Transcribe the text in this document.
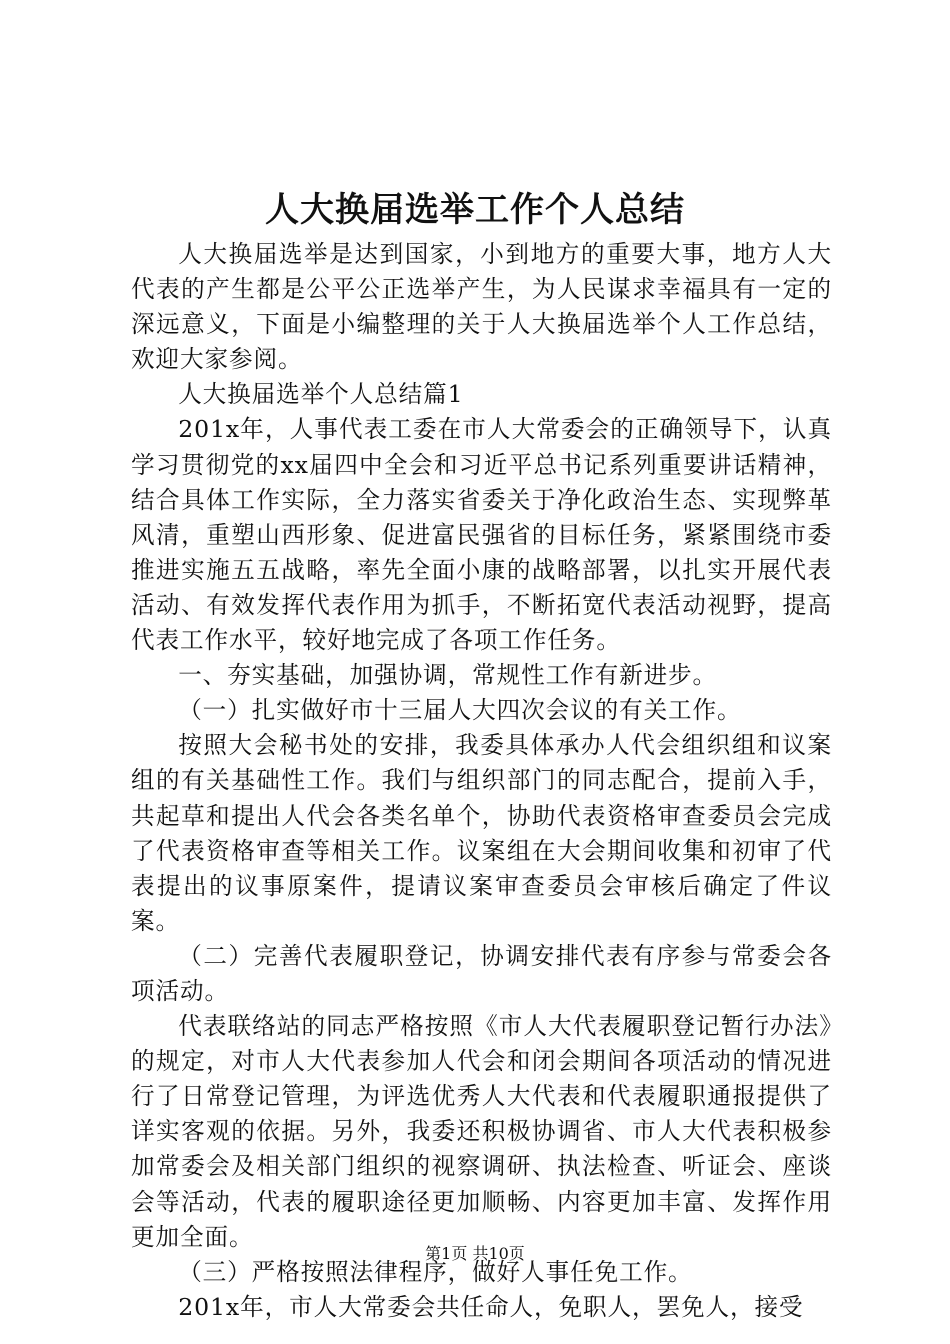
人大换届选举工作个人总结

人大换届选举是达到国家，小到地方的重要大事，地方人大代表的产生都是公平公正选举产生，为人民谋求幸福具有一定的深远意义，下面是小编整理的关于人大换届选举个人工作总结，欢迎大家参阅。

人大换届选举个人总结篇1

201x年，人事代表工委在市人大常委会的正确领导下，认真学习贯彻党的xx届四中全会和习近平总书记系列重要讲话精神，结合具体工作实际，全力落实省委关于净化政治生态、实现弊革风清，重塑山西形象、促进富民强省的目标任务，紧紧围绕市委推进实施五五战略，率先全面小康的战略部署，以扎实开展代表活动、有效发挥代表作用为抓手，不断拓宽代表活动视野，提高代表工作水平，较好地完成了各项工作任务。

一、夯实基础，加强协调，常规性工作有新进步。

（一）扎实做好市十三届人大四次会议的有关工作。

按照大会秘书处的安排，我委具体承办人代会组织组和议案组的有关基础性工作。我们与组织部门的同志配合，提前入手，共起草和提出人代会各类名单个，协助代表资格审查委员会完成了代表资格审查等相关工作。议案组在大会期间收集和初审了代表提出的议事原案件，提请议案审查委员会审核后确定了件议案。

（二）完善代表履职登记，协调安排代表有序参与常委会各项活动。

代表联络站的同志严格按照《市人大代表履职登记暂行办法》的规定，对市人大代表参加人代会和闭会期间各项活动的情况进行了日常登记管理，为评选优秀人大代表和代表履职通报提供了详实客观的依据。另外，我委还积极协调省、市人大代表积极参加常委会及相关部门组织的视察调研、执法检查、听证会、座谈会等活动，代表的履职途径更加顺畅、内容更加丰富、发挥作用更加全面。

（三）严格按照法律程序，做好人事任免工作。

201x年，市人大常委会共任命人，免职人，罢免人，接受

第1页 共10页
